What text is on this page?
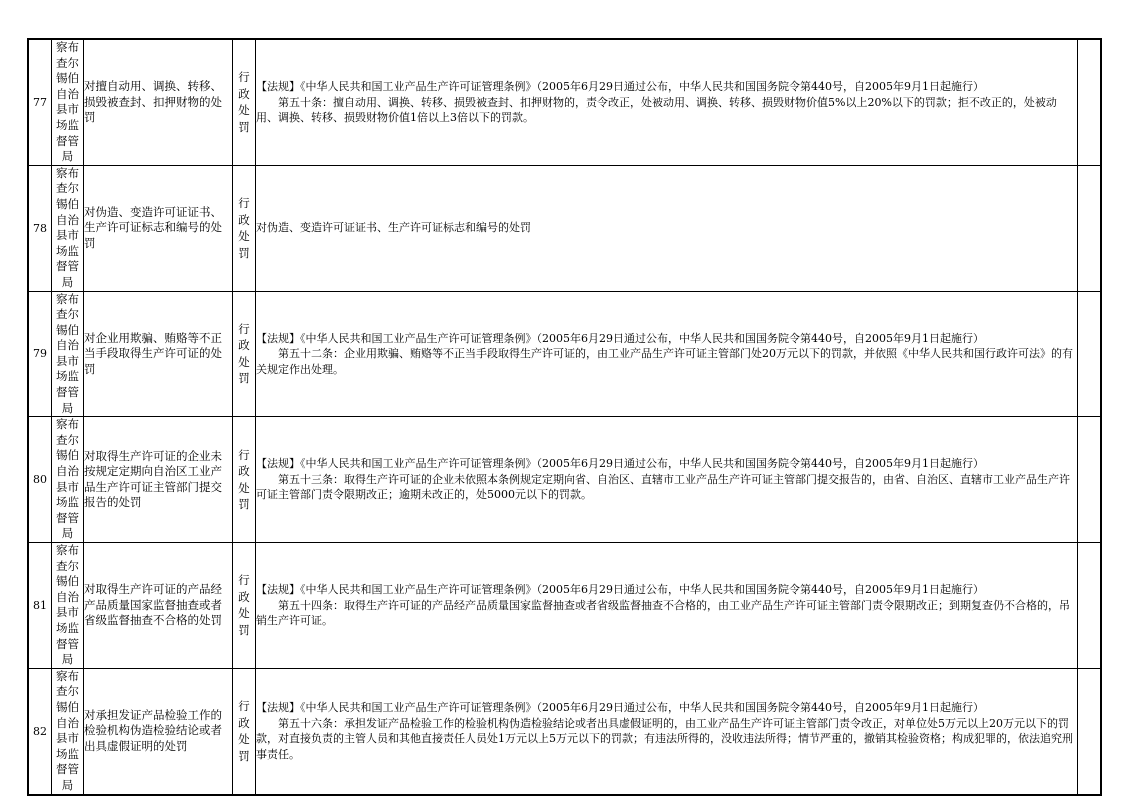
77	察布查尔锡伯自治县市场监督管局	对擅自动用、调换、转移、损毁被查封、扣押财物的处罚	行政处罚	【法规】《中华人民共和国工业产品生产许可证管理条例》（2005年6月29日通过公布，中华人民共和国国务院令第440号，自2005年9月1日起施行）

第五十条：擅自动用、调换、转移、损毁被查封、扣押财物的，责令改正，处被动用、调换、转移、损毁财物价值5%以上20%以下的罚款；拒不改正的，处被动用、调换、转移、损毁财物价值1倍以上3倍以下的罚款。	

78	察布查尔锡伯自治县市场监督管局	对伪造、变造许可证证书、生产许可证标志和编号的处罚	行政处罚	对伪造、变造许可证证书、生产许可证标志和编号的处罚	

79	察布查尔锡伯自治县市场监督管局	对企业用欺骗、贿赂等不正当手段取得生产许可证的处罚	行政处罚	【法规】《中华人民共和国工业产品生产许可证管理条例》（2005年6月29日通过公布，中华人民共和国国务院令第440号，自2005年9月1日起施行）

第五十二条：企业用欺骗、贿赂等不正当手段取得生产许可证的，由工业产品生产许可证主管部门处20万元以下的罚款，并依照《中华人民共和国行政许可法》的有关规定作出处理。	

80	察布查尔锡伯自治县市场监督管局	对取得生产许可证的企业未按规定定期向自治区工业产品生产许可证主管部门提交报告的处罚	行政处罚	【法规】《中华人民共和国工业产品生产许可证管理条例》（2005年6月29日通过公布，中华人民共和国国务院令第440号，自2005年9月1日起施行）

第五十三条：取得生产许可证的企业未依照本条例规定定期向省、自治区、直辖市工业产品生产许可证主管部门提交报告的，由省、自治区、直辖市工业产品生产许可证主管部门责令限期改正；逾期未改正的，处5000元以下的罚款。	

81	察布查尔锡伯自治县市场监督管局	对取得生产许可证的产品经产品质量国家监督抽查或者省级监督抽查不合格的处罚	行政处罚	【法规】《中华人民共和国工业产品生产许可证管理条例》（2005年6月29日通过公布，中华人民共和国国务院令第440号，自2005年9月1日起施行）

第五十四条：取得生产许可证的产品经产品质量国家监督抽查或者省级监督抽查不合格的，由工业产品生产许可证主管部门责令限期改正；到期复查仍不合格的，吊销生产许可证。	

82	察布查尔锡伯自治县市场监督管局	对承担发证产品检验工作的检验机构伪造检验结论或者出具虚假证明的处罚	行政处罚	【法规】《中华人民共和国工业产品生产许可证管理条例》（2005年6月29日通过公布，中华人民共和国国务院令第440号，自2005年9月1日起施行）

第五十六条：承担发证产品检验工作的检验机构伪造检验结论或者出具虚假证明的，由工业产品生产许可证主管部门责令改正，对单位处5万元以上20万元以下的罚款，对直接负责的主管人员和其他直接责任人员处1万元以上5万元以下的罚款；有违法所得的，没收违法所得；情节严重的，撤销其检验资格；构成犯罪的，依法追究刑事责任。	
